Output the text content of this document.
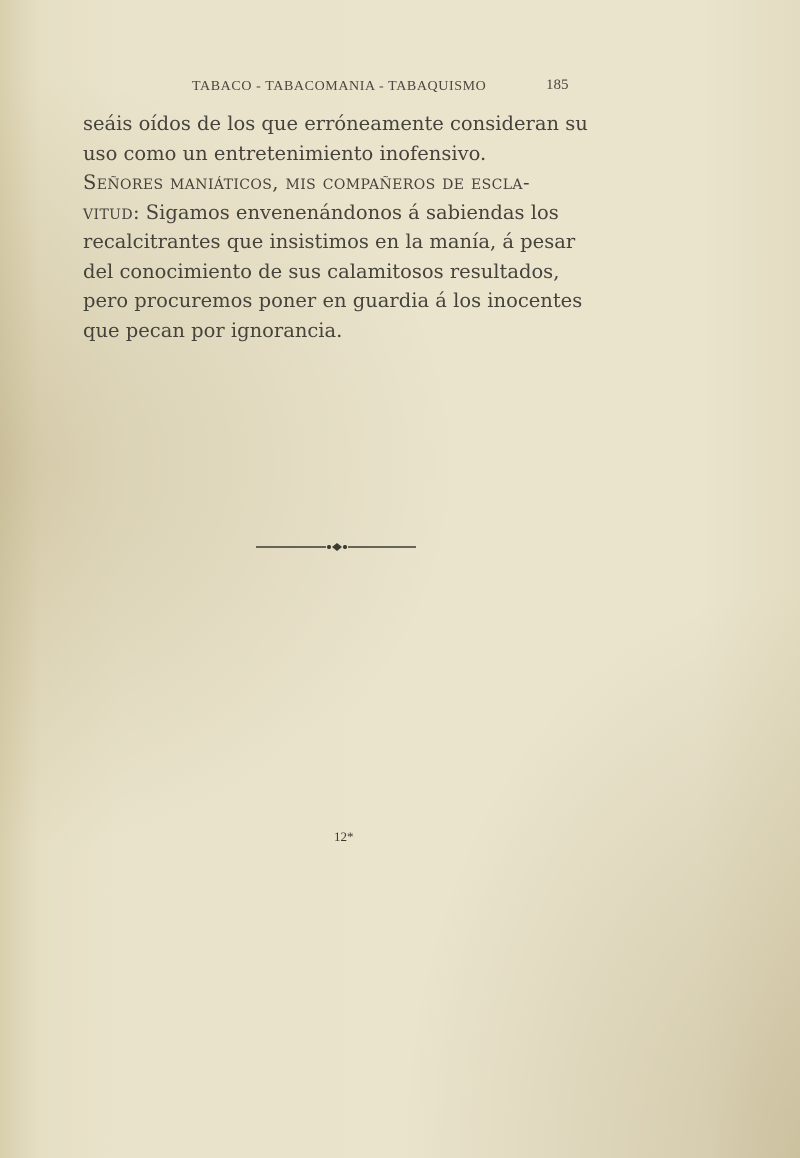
TABACO - TABACOMANIA - TABAQUISMO	185
seáis oídos de los que erróneamente consideran su
uso como un entretenimiento inofensivo.
Señores maniáticos, mis compañeros de escla-
vitud: Sigamos envenenándonos á sabiendas los
recalcitrantes que insistimos en la manía, á pesar
del conocimiento de sus calamitosos resultados,
pero procuremos poner en guardia á los inocentes
que pecan por ignorancia.
12*
